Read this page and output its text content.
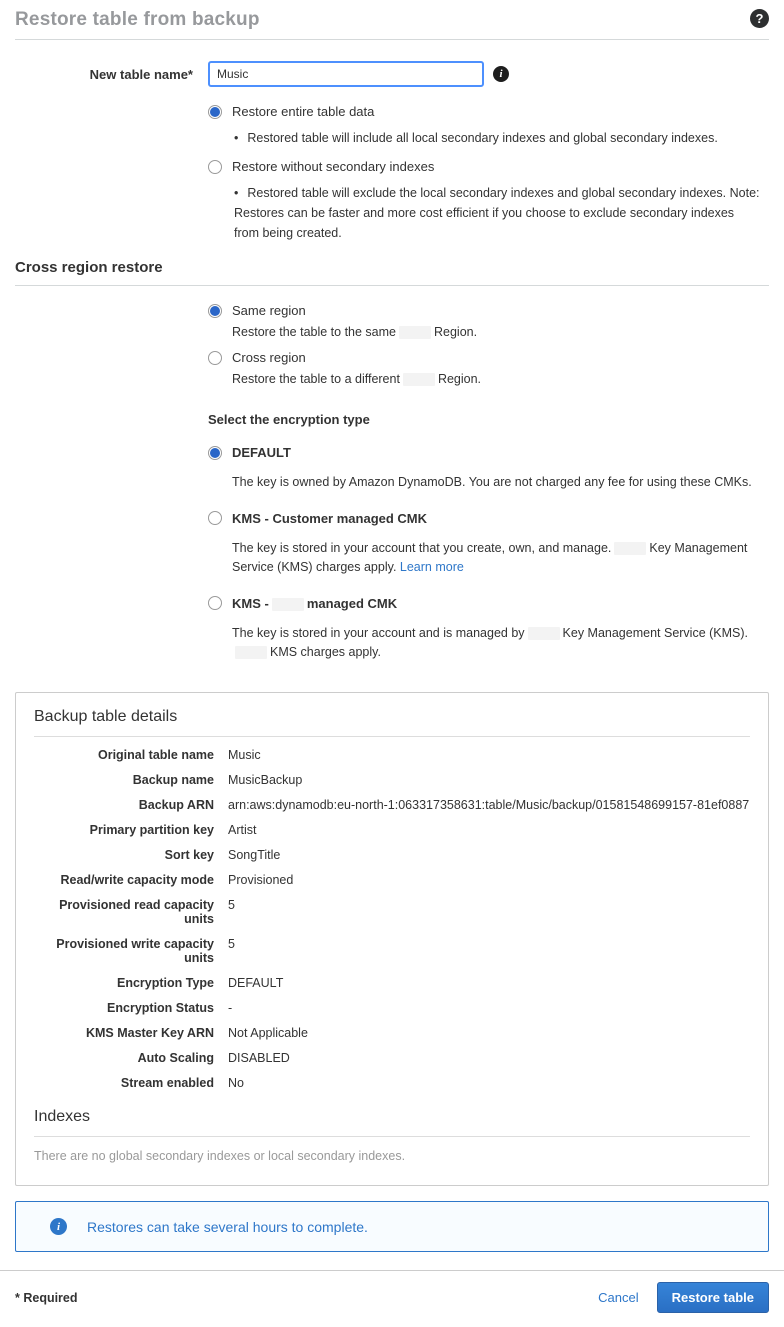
Restore table from backup	?
New table name*
Music	i
Restore entire table data
• Restored table will include all local secondary indexes and global secondary indexes.
Restore without secondary indexes
• Restored table will exclude the local secondary indexes and global secondary indexes. Note: Restores can be faster and more cost efficient if you choose to exclude secondary indexes from being created.
Cross region restore
Same region
Restore the table to the same	Region.
Cross region
Restore the table to a different	Region.
Select the encryption type
DEFAULT
The key is owned by Amazon DynamoDB. You are not charged any fee for using these CMKs.
KMS - Customer managed CMK
The key is stored in your account that you create, own, and manage.	Key Management Service (KMS) charges apply. Learn more
KMS -	managed CMK
The key is stored in your account and is managed by	Key Management Service (KMS).KMS charges apply.
Backup table details
Original table name Music
Backup name MusicBackup
Backup ARN arn:aws:dynamodb:eu-north-1:063317358631:table/Music/backup/01581548699157-81ef0887
Primary partition key Artist
Sort key SongTitle
Read/write capacity mode Provisioned
Provisioned read capacity units
5
Provisioned write capacity units
5
Encryption Type DEFAULT
Encryption Status -
KMS Master Key ARN Not Applicable
Auto Scaling DISABLED
Stream enabled No
Indexes
There are no global secondary indexes or local secondary indexes.
i Restores can take several hours to complete.
* Required	Cancel	Restore table
